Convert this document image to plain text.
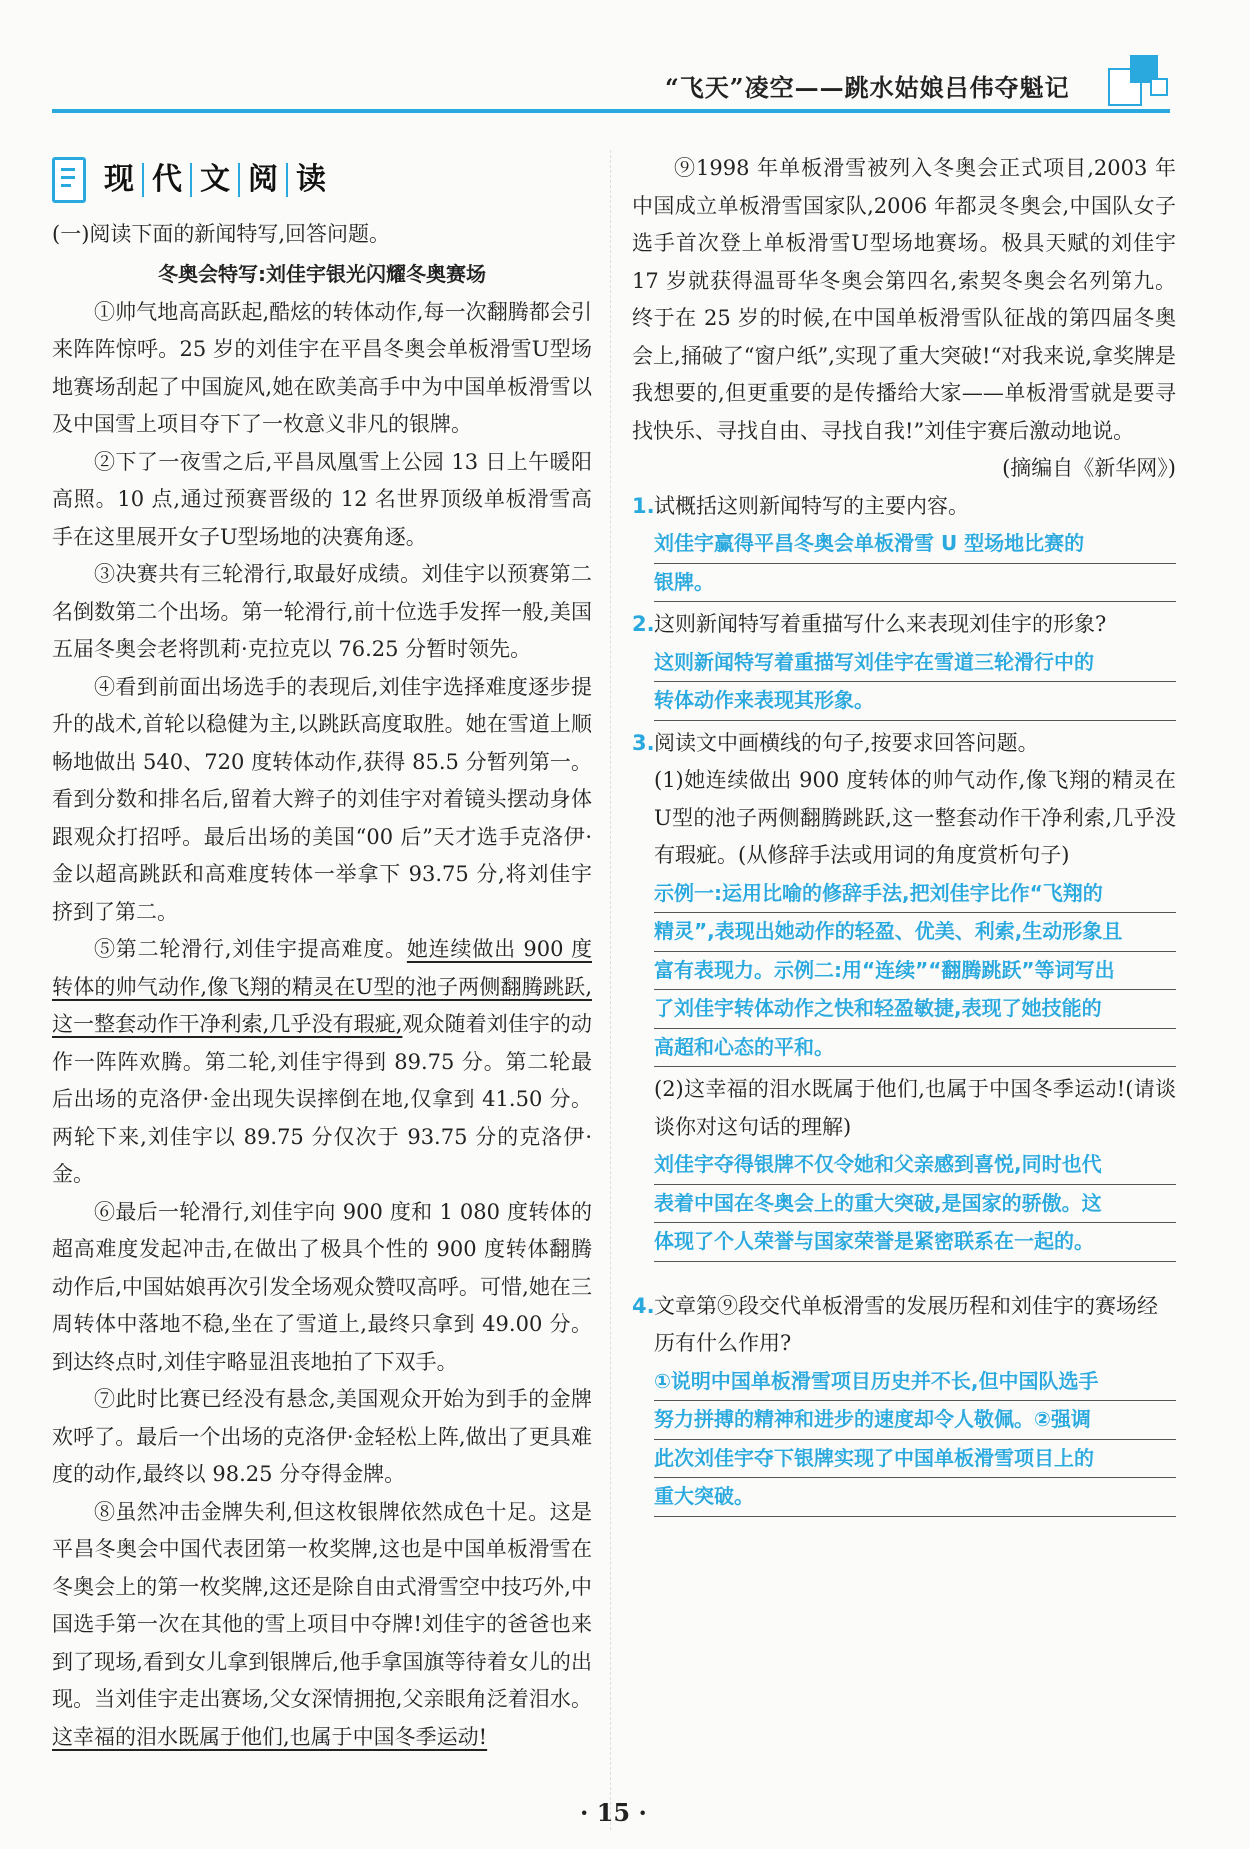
“飞天”凌空——跳水姑娘吕伟夺魁记
现 代 文 阅 读

(一)阅读下面的新闻特写,回答问题。

冬奥会特写:刘佳宇银光闪耀冬奥赛场

①帅气地高高跃起,酷炫的转体动作,每一次翻腾都会引来阵阵惊呼。25 岁的刘佳宇在平昌冬奥会单板滑雪U型场地赛场刮起了中国旋风,她在欧美高手中为中国单板滑雪以及中国雪上项目夺下了一枚意义非凡的银牌。

②下了一夜雪之后,平昌凤凰雪上公园 13 日上午暖阳高照。10 点,通过预赛晋级的 12 名世界顶级单板滑雪高手在这里展开女子U型场地的决赛角逐。

③决赛共有三轮滑行,取最好成绩。刘佳宇以预赛第二名倒数第二个出场。第一轮滑行,前十位选手发挥一般,美国五届冬奥会老将凯莉·克拉克以 76.25 分暂时领先。

④看到前面出场选手的表现后,刘佳宇选择难度逐步提升的战术,首轮以稳健为主,以跳跃高度取胜。她在雪道上顺畅地做出 540、720 度转体动作,获得 85.5 分暂列第一。看到分数和排名后,留着大辫子的刘佳宇对着镜头摆动身体跟观众打招呼。最后出场的美国“00 后”天才选手克洛伊·金以超高跳跃和高难度转体一举拿下 93.75 分,将刘佳宇挤到了第二。

⑤第二轮滑行,刘佳宇提高难度。她连续做出 900 度转体的帅气动作,像飞翔的精灵在U型的池子两侧翻腾跳跃,这一整套动作干净利索,几乎没有瑕疵,观众随着刘佳宇的动作一阵阵欢腾。第二轮,刘佳宇得到 89.75 分。第二轮最后出场的克洛伊·金出现失误摔倒在地,仅拿到 41.50 分。两轮下来,刘佳宇以 89.75 分仅次于 93.75 分的克洛伊·金。

⑥最后一轮滑行,刘佳宇向 900 度和 1 080 度转体的超高难度发起冲击,在做出了极具个性的 900 度转体翻腾动作后,中国姑娘再次引发全场观众赞叹高呼。可惜,她在三周转体中落地不稳,坐在了雪道上,最终只拿到 49.00 分。到达终点时,刘佳宇略显沮丧地拍了下双手。

⑦此时比赛已经没有悬念,美国观众开始为到手的金牌欢呼了。最后一个出场的克洛伊·金轻松上阵,做出了更具难度的动作,最终以 98.25 分夺得金牌。

⑧虽然冲击金牌失利,但这枚银牌依然成色十足。这是平昌冬奥会中国代表团第一枚奖牌,这也是中国单板滑雪在冬奥会上的第一枚奖牌,这还是除自由式滑雪空中技巧外,中国选手第一次在其他的雪上项目中夺牌!刘佳宇的爸爸也来到了现场,看到女儿拿到银牌后,他手拿国旗等待着女儿的出现。当刘佳宇走出赛场,父女深情拥抱,父亲眼角泛着泪水。这幸福的泪水既属于他们,也属于中国冬季运动!

⑨1998 年单板滑雪被列入冬奥会正式项目,2003 年中国成立单板滑雪国家队,2006 年都灵冬奥会,中国队女子选手首次登上单板滑雪U型场地赛场。极具天赋的刘佳宇 17 岁就获得温哥华冬奥会第四名,索契冬奥会名列第九。终于在 25 岁的时候,在中国单板滑雪队征战的第四届冬奥会上,捅破了“窗户纸”,实现了重大突破!“对我来说,拿奖牌是我想要的,但更重要的是传播给大家——单板滑雪就是要寻找快乐、寻找自由、寻找自我!”刘佳宇赛后激动地说。

(摘编自《新华网》)

1. 试概括这则新闻特写的主要内容。
刘佳宇赢得平昌冬奥会单板滑雪 U 型场地比赛的
银牌。
2. 这则新闻特写着重描写什么来表现刘佳宇的形象?
这则新闻特写着重描写刘佳宇在雪道三轮滑行中的
转体动作来表现其形象。
3. 阅读文中画横线的句子,按要求回答问题。

(1)她连续做出 900 度转体的帅气动作,像飞翔的精灵在U型的池子两侧翻腾跳跃,这一整套动作干净利索,几乎没有瑕疵。(从修辞手法或用词的角度赏析句子)

示例一:运用比喻的修辞手法,把刘佳宇比作“飞翔的
精灵”,表现出她动作的轻盈、优美、利索,生动形象且
富有表现力。示例二:用“连续”“翻腾跳跃”等词写出
了刘佳宇转体动作之快和轻盈敏捷,表现了她技能的
高超和心态的平和。

(2)这幸福的泪水既属于他们,也属于中国冬季运动!(请谈谈你对这句话的理解)

刘佳宇夺得银牌不仅令她和父亲感到喜悦,同时也代
表着中国在冬奥会上的重大突破,是国家的骄傲。这
体现了个人荣誉与国家荣誉是紧密联系在一起的。
4. 文章第⑨段交代单板滑雪的发展历程和刘佳宇的赛场经历有什么作用?
①说明中国单板滑雪项目历史并不长,但中国队选手
努力拼搏的精神和进步的速度却令人敬佩。②强调
此次刘佳宇夺下银牌实现了中国单板滑雪项目上的
重大突破。
· 15 ·
